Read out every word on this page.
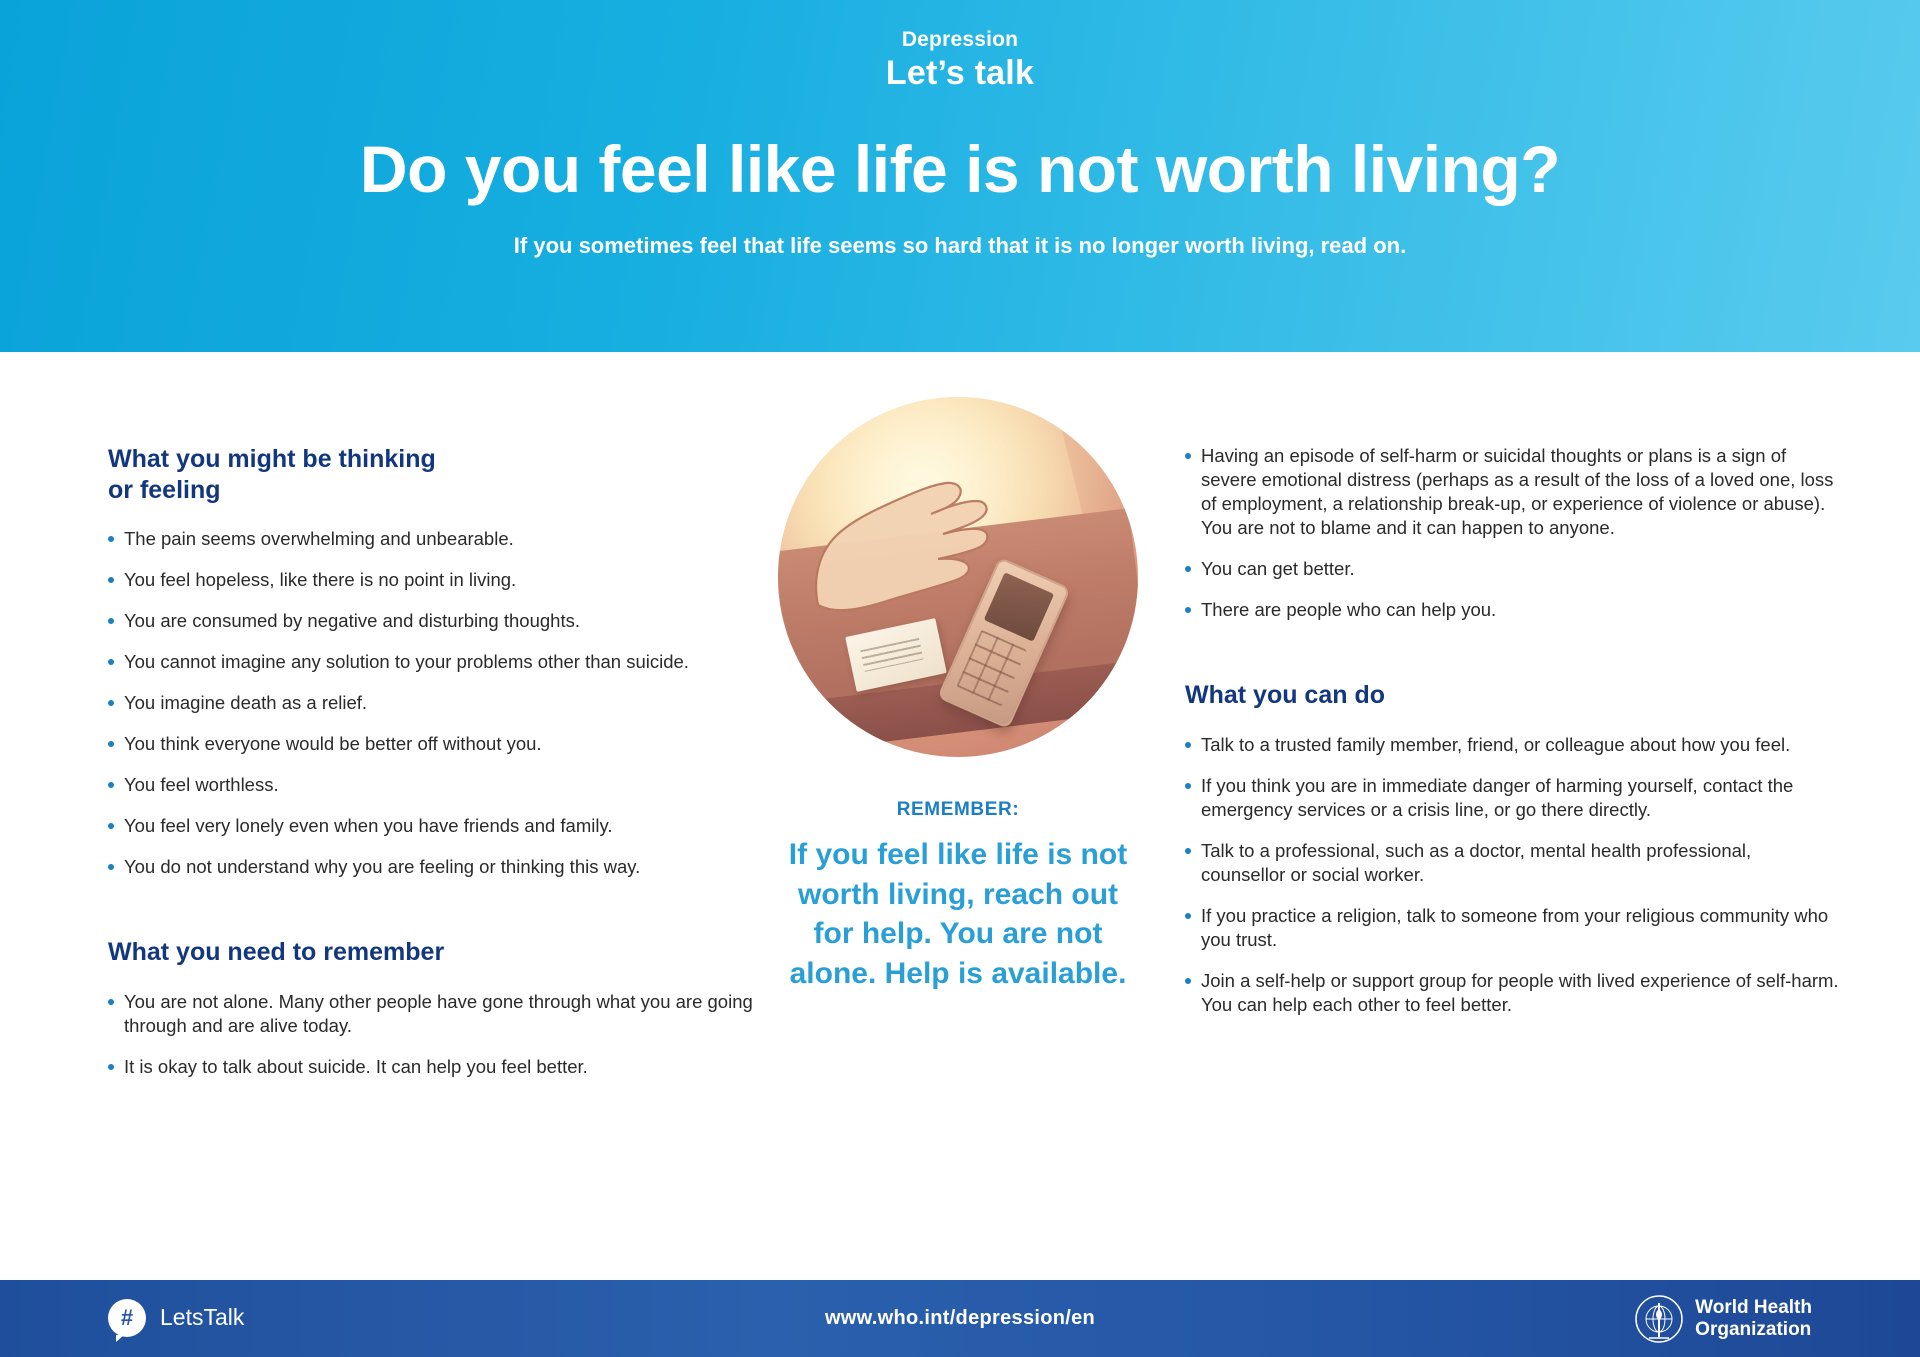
Depression
Let’s talk
Do you feel like life is not worth living?
If you sometimes feel that life seems so hard that it is no longer worth living, read on.
What you might be thinking
or feeling
The pain seems overwhelming and unbearable.
You feel hopeless, like there is no point in living.
You are consumed by negative and disturbing thoughts.
You cannot imagine any solution to your problems other than suicide.
You imagine death as a relief.
You think everyone would be better off without you.
You feel worthless.
You feel very lonely even when you have friends and family.
You do not understand why you are feeling or thinking this way.
What you need to remember
You are not alone. Many other people have gone through what you are going through and are alive today.
It is okay to talk about suicide. It can help you feel better.
REMEMBER:
If you feel like life is not worth living, reach out for help. You are not alone. Help is available.
Having an episode of self-harm or suicidal thoughts or plans is a sign of severe emotional distress (perhaps as a result of the loss of a loved one, loss of employment, a relationship break-up, or experience of violence or abuse). You are not to blame and it can happen to anyone.
You can get better.
There are people who can help you.
What you can do
Talk to a trusted family member, friend, or colleague about how you feel.
If you think you are in immediate danger of harming yourself, contact the emergency services or a crisis line, or go there directly.
Talk to a professional, such as a doctor, mental health professional, counsellor or social worker.
If you practice a religion, talk to someone from your religious community who you trust.
Join a self-help or support group for people with lived experience of self-harm. You can help each other to feel better.
#	LetsTalk	www.who.int/depression/en	World Health
Organization
